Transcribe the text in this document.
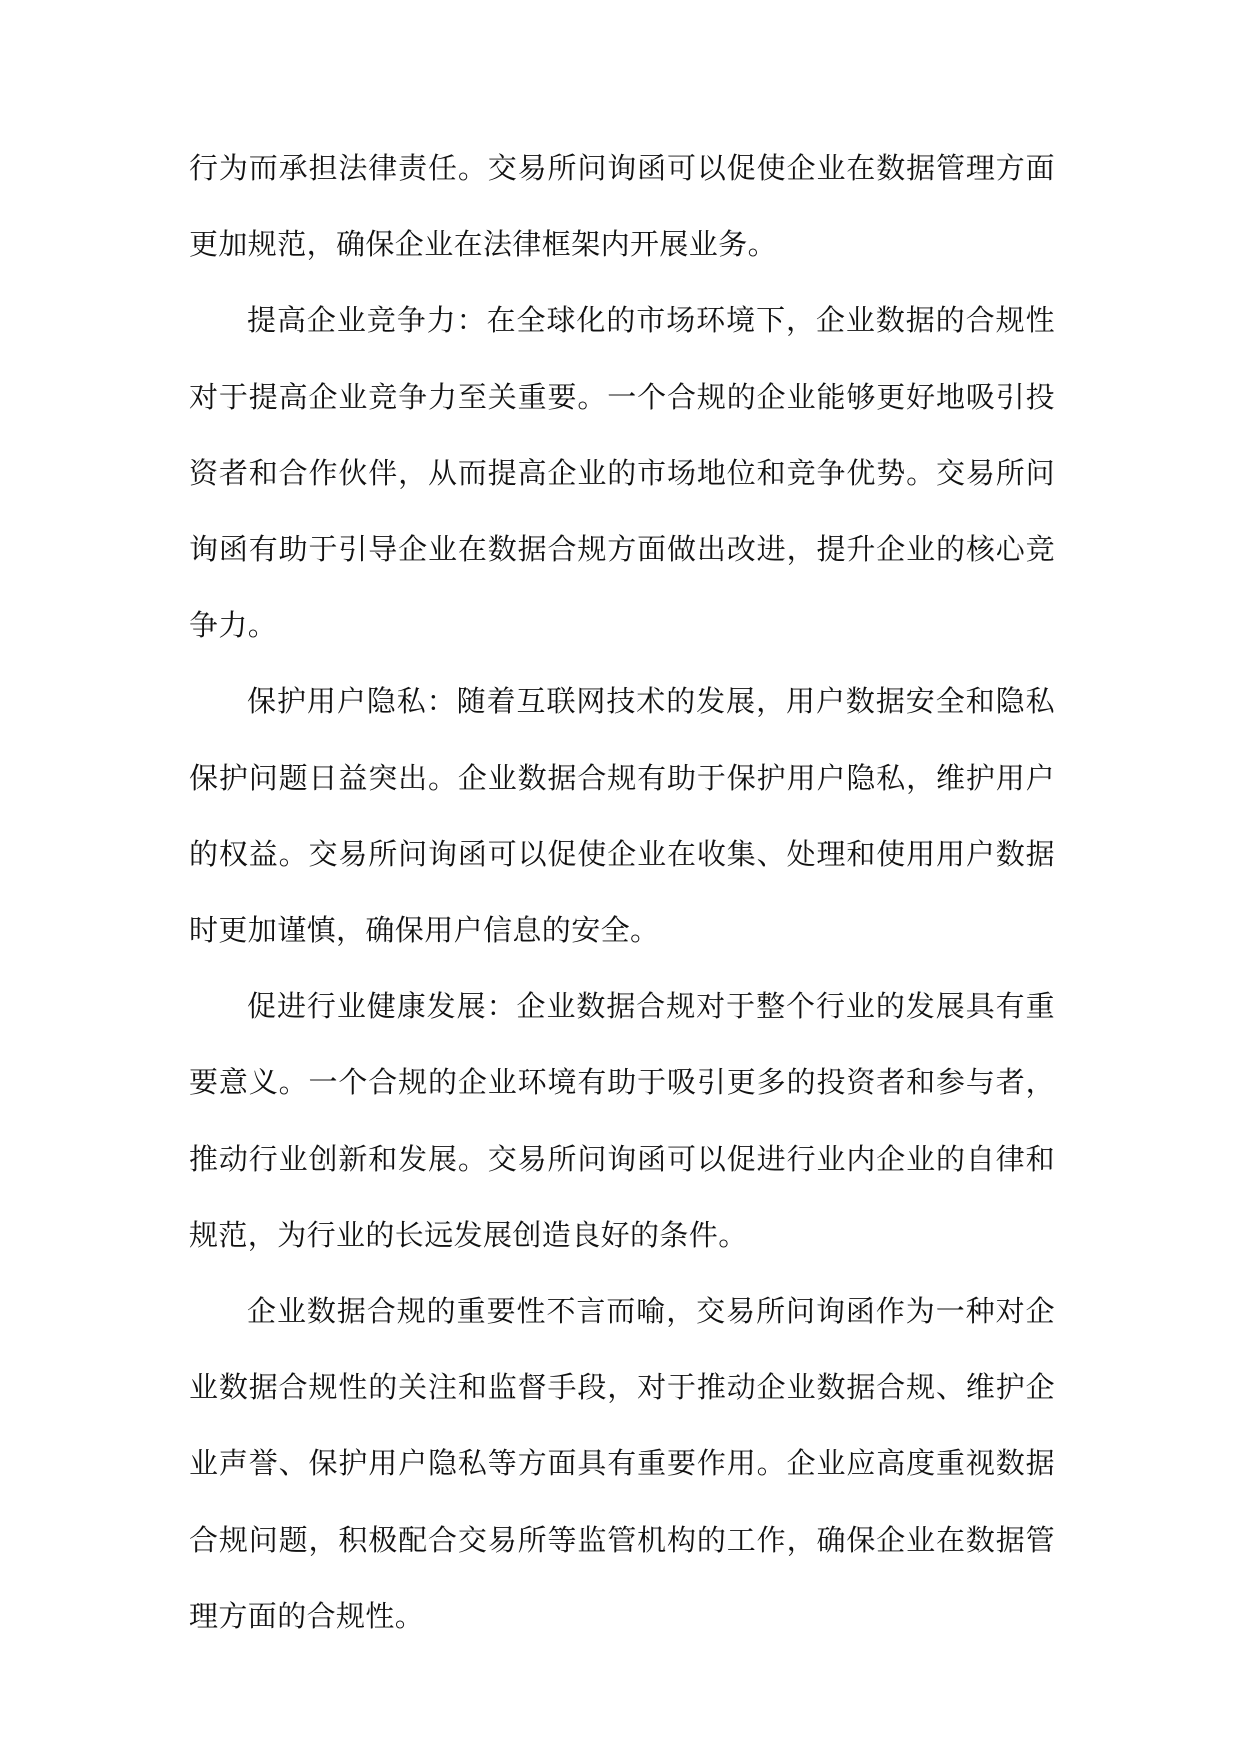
行为而承担法律责任。交易所问询函可以促使企业在数据管理方面更加规范，确保企业在法律框架内开展业务。

提高企业竞争力：在全球化的市场环境下，企业数据的合规性对于提高企业竞争力至关重要。一个合规的企业能够更好地吸引投资者和合作伙伴，从而提高企业的市场地位和竞争优势。交易所问询函有助于引导企业在数据合规方面做出改进，提升企业的核心竞争力。

保护用户隐私：随着互联网技术的发展，用户数据安全和隐私保护问题日益突出。企业数据合规有助于保护用户隐私，维护用户的权益。交易所问询函可以促使企业在收集、处理和使用用户数据时更加谨慎，确保用户信息的安全。

促进行业健康发展：企业数据合规对于整个行业的发展具有重要意义。一个合规的企业环境有助于吸引更多的投资者和参与者，推动行业创新和发展。交易所问询函可以促进行业内企业的自律和规范，为行业的长远发展创造良好的条件。

企业数据合规的重要性不言而喻，交易所问询函作为一种对企业数据合规性的关注和监督手段，对于推动企业数据合规、维护企业声誉、保护用户隐私等方面具有重要作用。企业应高度重视数据合规问题，积极配合交易所等监管机构的工作，确保企业在数据管理方面的合规性。
